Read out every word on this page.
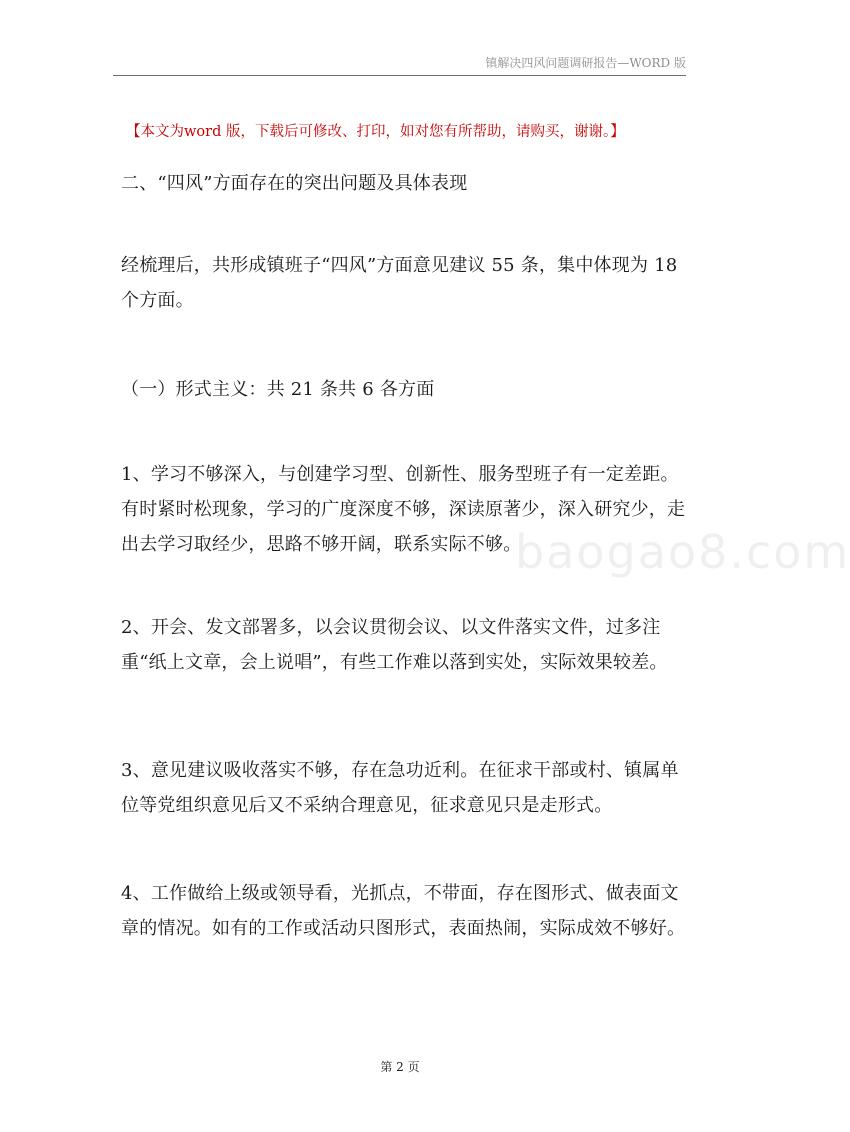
镇解决四风问题调研报告—WORD 版
【本文为word 版，下载后可修改、打印，如对您有所帮助，请购买，谢谢。】
二、“四风”方面存在的突出问题及具体表现
经梳理后，共形成镇班子“四风”方面意见建议 55 条，集中体现为 18 个方面。
（一）形式主义：共 21 条共 6 各方面
1、学习不够深入，与创建学习型、创新性、服务型班子有一定差距。有时紧时松现象，学习的广度深度不够，深读原著少，深入研究少，走出去学习取经少，思路不够开阔，联系实际不够。
2、开会、发文部署多，以会议贯彻会议、以文件落实文件，过多注重“纸上文章，会上说唱”，有些工作难以落到实处，实际效果较差。
3、意见建议吸收落实不够，存在急功近利。在征求干部或村、镇属单位等党组织意见后又不采纳合理意见，征求意见只是走形式。
4、工作做给上级或领导看，光抓点，不带面，存在图形式、做表面文章的情况。如有的工作或活动只图形式，表面热闹，实际成效不够好。
baogao8.com
第 2 页
